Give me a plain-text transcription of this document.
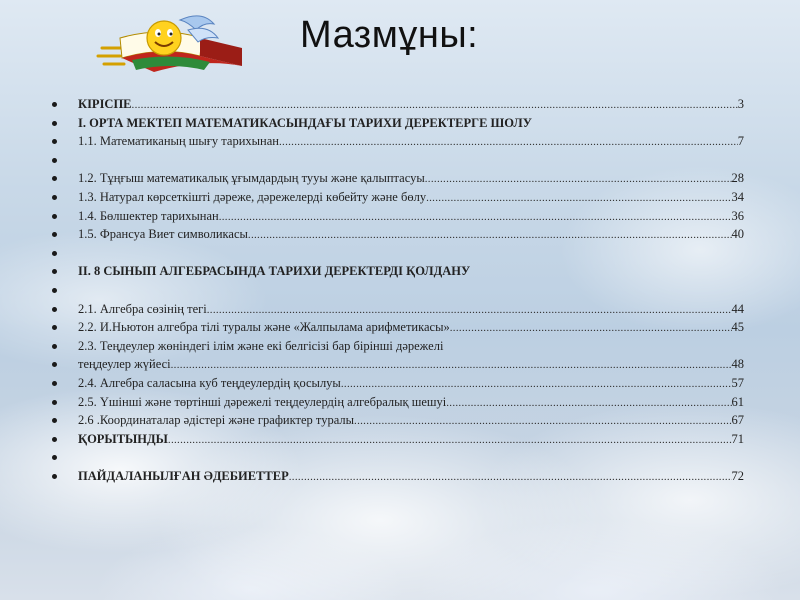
Мазмұны:
КІРІСПЕ .....	3
І. ОРТА МЕКТЕП МАТЕМАТИКАСЫНДАҒЫ ТАРИХИ ДЕРЕКТЕРГЕ ШОЛУ
1.1. Математиканың шығу тарихынан .....	7
1.2. Тұңғыш математикалық ұғымдардың тууы және қалыптасуы .....	28
1.3. Натурал көрсеткішті дәреже, дәрежелерді көбейту және бөлу .....	34
1.4. Бөлшектер тарихынан .....	36
1.5. Франсуа Виет символикасы .....	40
ІІ. 8 СЫНЫП АЛГЕБРАСЫНДА ТАРИХИ ДЕРЕКТЕРДІ ҚОЛДАНУ
2.1. Алгебра сөзінің тегі .....	44
2.2. И.Ньютон алгебра тілі туралы және «Жалпылама арифметикасы» .....	45
2.3. Теңдеулер жөніндегі ілім және екі белгісізі бар бірінші дәрежелі
теңдеулер жүйесі .....	48
2.4. Алгебра саласына куб теңдеулердің қосылуы .....	57
2.5. Үшінші және төртінші дәрежелі теңдеулердің алгебралық шешуі .....	61
2.6 .Координаталар әдістері және графиктер туралы .....	67
ҚОРЫТЫНДЫ .....	71
ПАЙДАЛАНЫЛҒАН ӘДЕБИЕТТЕР .....	72
